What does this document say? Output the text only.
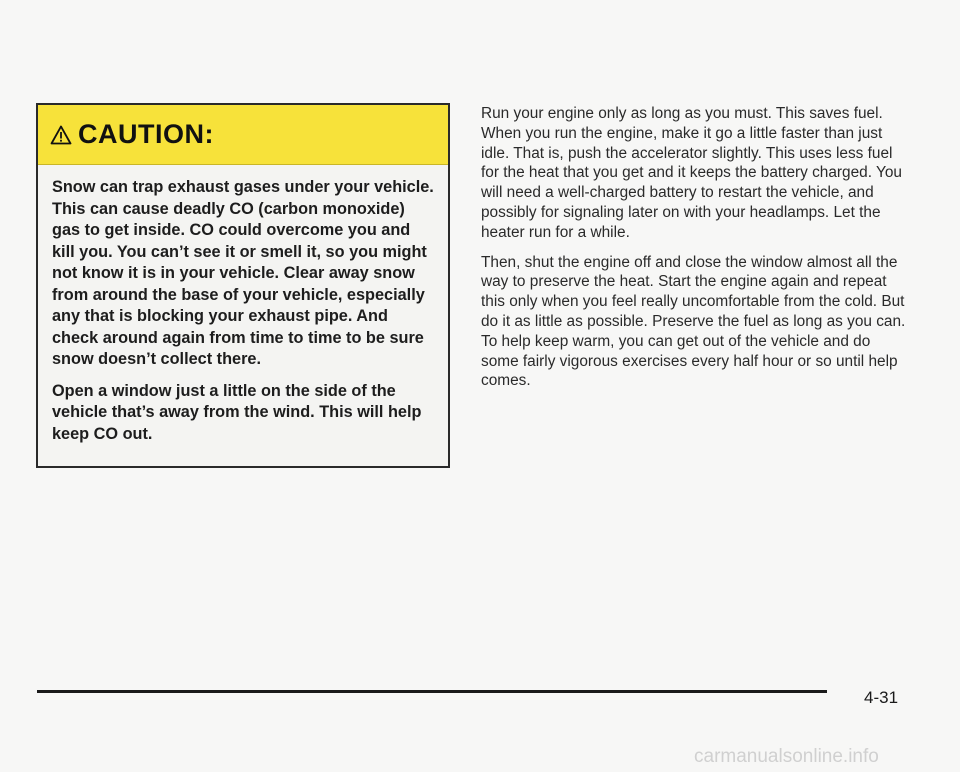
CAUTION:

Snow can trap exhaust gases under your vehicle. This can cause deadly CO (carbon monoxide) gas to get inside. CO could overcome you and kill you. You can’t see it or smell it, so you might not know it is in your vehicle. Clear away snow from around the base of your vehicle, especially any that is blocking your exhaust pipe. And check around again from time to time to be sure snow doesn’t collect there.

Open a window just a little on the side of the vehicle that’s away from the wind. This will help keep CO out.

Run your engine only as long as you must. This saves fuel. When you run the engine, make it go a little faster than just idle. That is, push the accelerator slightly. This uses less fuel for the heat that you get and it keeps the battery charged. You will need a well-charged battery to restart the vehicle, and possibly for signaling later on with your headlamps. Let the heater run for a while.

Then, shut the engine off and close the window almost all the way to preserve the heat. Start the engine again and repeat this only when you feel really uncomfortable from the cold. But do it as little as possible. Preserve the fuel as long as you can. To help keep warm, you can get out of the vehicle and do some fairly vigorous exercises every half hour or so until help comes.

4-31
carmanualsonline.info
